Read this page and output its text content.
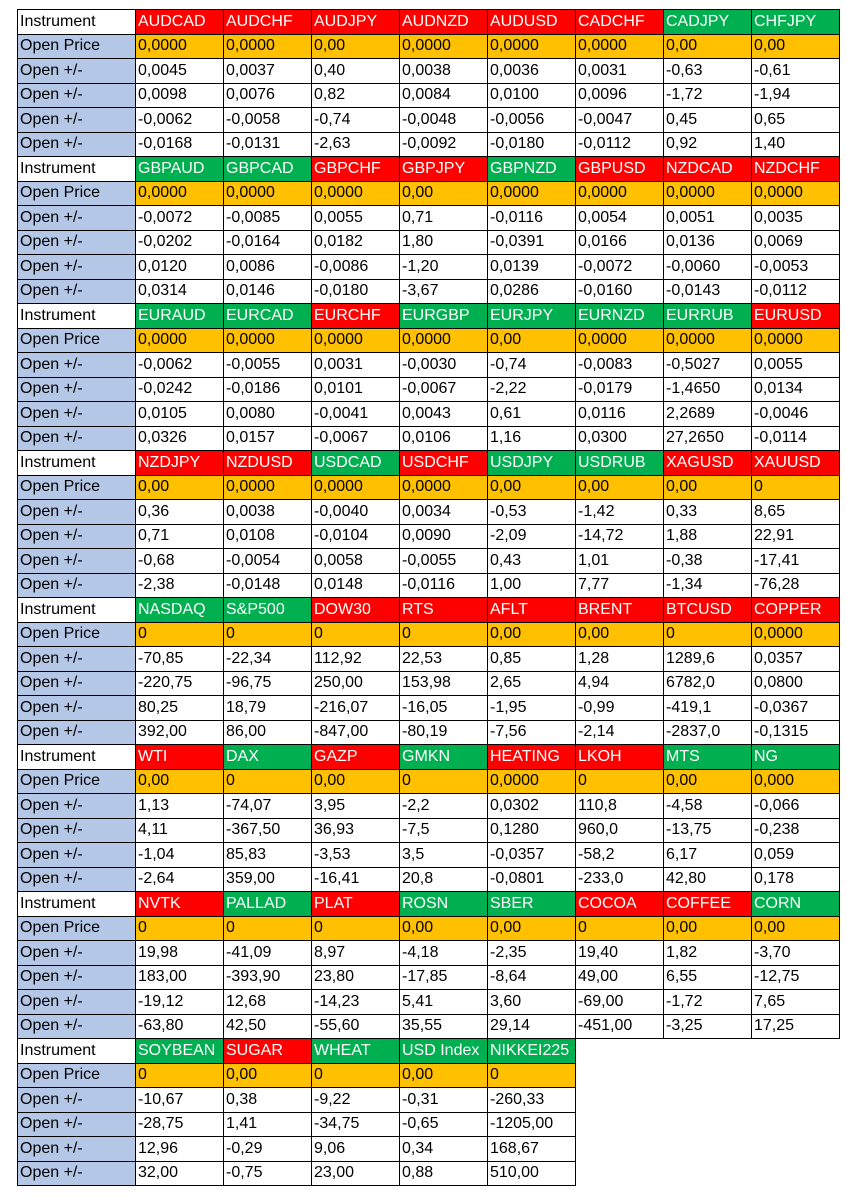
Instrument	AUDCAD	AUDCHF	AUDJPY	AUDNZD	AUDUSD	CADCHF	CADJPY	CHFJPY
Open Price	0,0000	0,0000	0,00	0,0000	0,0000	0,0000	0,00	0,00
Open +/-	0,0045	0,0037	0,40	0,0038	0,0036	0,0031	-0,63	-0,61
Open +/-	0,0098	0,0076	0,82	0,0084	0,0100	0,0096	-1,72	-1,94
Open +/-	-0,0062	-0,0058	-0,74	-0,0048	-0,0056	-0,0047	0,45	0,65
Open +/-	-0,0168	-0,0131	-2,63	-0,0092	-0,0180	-0,0112	0,92	1,40
Instrument	GBPAUD	GBPCAD	GBPCHF	GBPJPY	GBPNZD	GBPUSD	NZDCAD	NZDCHF
Open Price	0,0000	0,0000	0,0000	0,00	0,0000	0,0000	0,0000	0,0000
Open +/-	-0,0072	-0,0085	0,0055	0,71	-0,0116	0,0054	0,0051	0,0035
Open +/-	-0,0202	-0,0164	0,0182	1,80	-0,0391	0,0166	0,0136	0,0069
Open +/-	0,0120	0,0086	-0,0086	-1,20	0,0139	-0,0072	-0,0060	-0,0053
Open +/-	0,0314	0,0146	-0,0180	-3,67	0,0286	-0,0160	-0,0143	-0,0112
Instrument	EURAUD	EURCAD	EURCHF	EURGBP	EURJPY	EURNZD	EURRUB	EURUSD
Open Price	0,0000	0,0000	0,0000	0,0000	0,00	0,0000	0,0000	0,0000
Open +/-	-0,0062	-0,0055	0,0031	-0,0030	-0,74	-0,0083	-0,5027	0,0055
Open +/-	-0,0242	-0,0186	0,0101	-0,0067	-2,22	-0,0179	-1,4650	0,0134
Open +/-	0,0105	0,0080	-0,0041	0,0043	0,61	0,0116	2,2689	-0,0046
Open +/-	0,0326	0,0157	-0,0067	0,0106	1,16	0,0300	27,2650	-0,0114
Instrument	NZDJPY	NZDUSD	USDCAD	USDCHF	USDJPY	USDRUB	XAGUSD	XAUUSD
Open Price	0,00	0,0000	0,0000	0,0000	0,00	0,00	0,00	0
Open +/-	0,36	0,0038	-0,0040	0,0034	-0,53	-1,42	0,33	8,65
Open +/-	0,71	0,0108	-0,0104	0,0090	-2,09	-14,72	1,88	22,91
Open +/-	-0,68	-0,0054	0,0058	-0,0055	0,43	1,01	-0,38	-17,41
Open +/-	-2,38	-0,0148	0,0148	-0,0116	1,00	7,77	-1,34	-76,28
Instrument	NASDAQ	S&P500	DOW30	RTS	AFLT	BRENT	BTCUSD	COPPER
Open Price	0	0	0	0	0,00	0,00	0	0,0000
Open +/-	-70,85	-22,34	112,92	22,53	0,85	1,28	1289,6	0,0357
Open +/-	-220,75	-96,75	250,00	153,98	2,65	4,94	6782,0	0,0800
Open +/-	80,25	18,79	-216,07	-16,05	-1,95	-0,99	-419,1	-0,0367
Open +/-	392,00	86,00	-847,00	-80,19	-7,56	-2,14	-2837,0	-0,1315
Instrument	WTI	DAX	GAZP	GMKN	HEATING	LKOH	MTS	NG
Open Price	0,00	0	0,00	0	0,0000	0	0,00	0,000
Open +/-	1,13	-74,07	3,95	-2,2	0,0302	110,8	-4,58	-0,066
Open +/-	4,11	-367,50	36,93	-7,5	0,1280	960,0	-13,75	-0,238
Open +/-	-1,04	85,83	-3,53	3,5	-0,0357	-58,2	6,17	0,059
Open +/-	-2,64	359,00	-16,41	20,8	-0,0801	-233,0	42,80	0,178
Instrument	NVTK	PALLAD	PLAT	ROSN	SBER	COCOA	COFFEE	CORN
Open Price	0	0	0	0,00	0,00	0	0,00	0,00
Open +/-	19,98	-41,09	8,97	-4,18	-2,35	19,40	1,82	-3,70
Open +/-	183,00	-393,90	23,80	-17,85	-8,64	49,00	6,55	-12,75
Open +/-	-19,12	12,68	-14,23	5,41	3,60	-69,00	-1,72	7,65
Open +/-	-63,80	42,50	-55,60	35,55	29,14	-451,00	-3,25	17,25
Instrument	SOYBEAN	SUGAR	WHEAT	USD Index	NIKKEI225			
Open Price	0	0,00	0	0,00	0			
Open +/-	-10,67	0,38	-9,22	-0,31	-260,33			
Open +/-	-28,75	1,41	-34,75	-0,65	-1205,00			
Open +/-	12,96	-0,29	9,06	0,34	168,67			
Open +/-	32,00	-0,75	23,00	0,88	510,00			
